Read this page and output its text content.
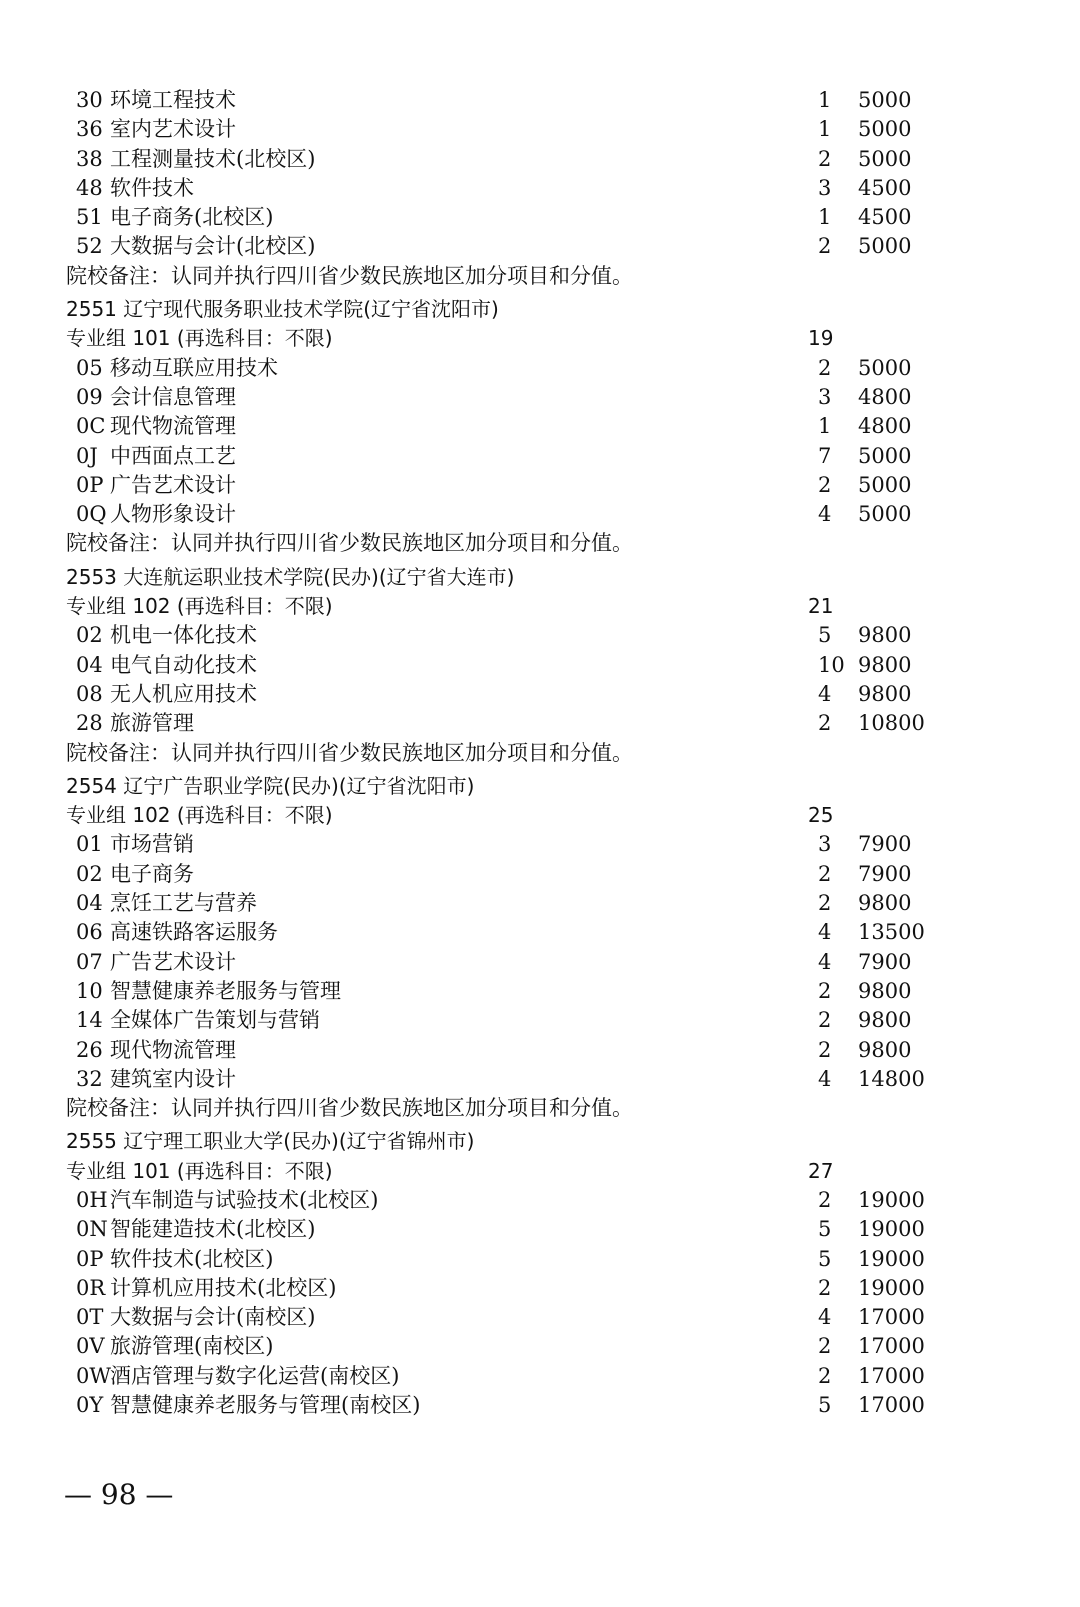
30 环境工程技术	1 5000
36 室内艺术设计	1 5000
38 工程测量技术(北校区)	2 5000
48 软件技术	3 4500
51 电子商务(北校区)	1 4500
52 大数据与会计(北校区)	2 5000
院校备注：认同并执行四川省少数民族地区加分项目和分值。
2551 辽宁现代服务职业技术学院(辽宁省沈阳市)
专业组 101 (再选科目：不限)	19
05 移动互联应用技术	2 5000
09 会计信息管理	3 4800
0C 现代物流管理	1 4800
0J 中西面点工艺	7 5000
0P 广告艺术设计	2 5000
0Q 人物形象设计	4 5000
院校备注：认同并执行四川省少数民族地区加分项目和分值。
2553 大连航运职业技术学院(民办)(辽宁省大连市)
专业组 102 (再选科目：不限)	21
02 机电一体化技术	5 9800
04 电气自动化技术	10 9800
08 无人机应用技术	4 9800
28 旅游管理	2 10800
院校备注：认同并执行四川省少数民族地区加分项目和分值。
2554 辽宁广告职业学院(民办)(辽宁省沈阳市)
专业组 102 (再选科目：不限)	25
01 市场营销	3 7900
02 电子商务	2 7900
04 烹饪工艺与营养	2 9800
06 高速铁路客运服务	4 13500
07 广告艺术设计	4 7900
10 智慧健康养老服务与管理	2 9800
14 全媒体广告策划与营销	2 9800
26 现代物流管理	2 9800
32 建筑室内设计	4 14800
院校备注：认同并执行四川省少数民族地区加分项目和分值。
2555 辽宁理工职业大学(民办)(辽宁省锦州市)
专业组 101 (再选科目：不限)	27
0H 汽车制造与试验技术(北校区)	2 19000
0N 智能建造技术(北校区)	5 19000
0P 软件技术(北校区)	5 19000
0R 计算机应用技术(北校区)	2 19000
0T 大数据与会计(南校区)	4 17000
0V 旅游管理(南校区)	2 17000
0W 酒店管理与数字化运营(南校区)	2 17000
0Y 智慧健康养老服务与管理(南校区)	5 17000
— 98 —
